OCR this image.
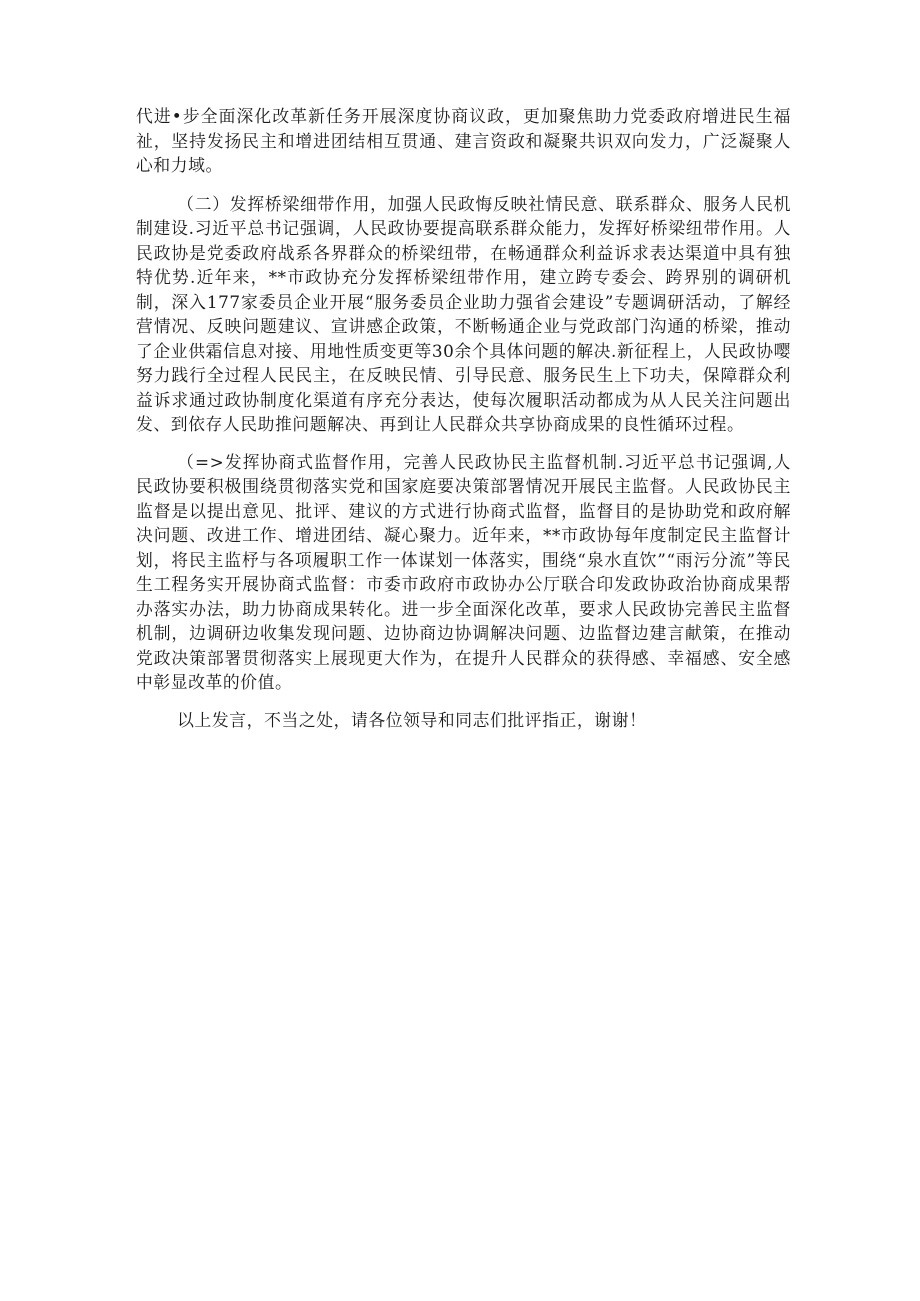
代进•步全面深化改革新任务开展深度协商议政，更加聚焦助力党委政府增进民生福祉，坚持发扬民主和增进团结相互贯通、建言资政和凝聚共识双向发力，广泛凝聚人心和力域。

（二）发挥桥梁细带作用，加强人民政悔反映社情民意、联系群众、服务人民机制建设.习近平总书记强调，人民政协要提高联系群众能力，发挥好桥梁纽带作用。人民政协是党委政府战系各界群众的桥梁纽带，在畅通群众利益诉求表达渠道中具有独特优势.近年来，**市政协充分发挥桥梁纽带作用，建立跨专委会、跨界别的调研机制，深入177家委员企业开展“服务委员企业助力强省会建设”专题调研活动，了解经营情况、反映问题建议、宣讲感企政策，不断畅通企业与党政部门沟通的桥梁，推动了企业供霜信息对接、用地性质变更等30余个具体问题的解决.新征程上，人民政协嘤努力践行全过程人民民主，在反映民情、引导民意、服务民生上下功夫，保障群众利益诉求通过政协制度化渠道有序充分表达，使每次履职活动都成为从人民关注问题出发、到依存人民助推问题解决、再到让人民群众共享协商成果的良性循环过程。

（=>发挥协商式监督作用，完善人民政协民主监督机制.习近平总书记强调,人民政协要积极围绕贯彻落实党和国家庭要决策部署情况开展民主监督。人民政协民主监督是以提出意见、批评、建议的方式进行协商式监督，监督目的是协助党和政府解决问题、改进工作、增进团结、凝心聚力。近年来，**市政协每年度制定民主监督计划，将民主监杼与各项履职工作一体谋划一体落实，围绕“泉水直饮”“雨污分流”等民生工程务实开展协商式监督：市委市政府市政协办公厅联合印发政协政治协商成果帮办落实办法，助力协商成果转化。进一步全面深化改革，要求人民政协完善民主监督机制，边调研边收集发现问题、边协商边协调解决问题、边监督边建言献策，在推动党政决策部署贯彻落实上展现更大作为，在提升人民群众的获得感、幸福感、安全感中彰显改革的价值。

以上发言，不当之处，请各位领导和同志们批评指正，谢谢！
